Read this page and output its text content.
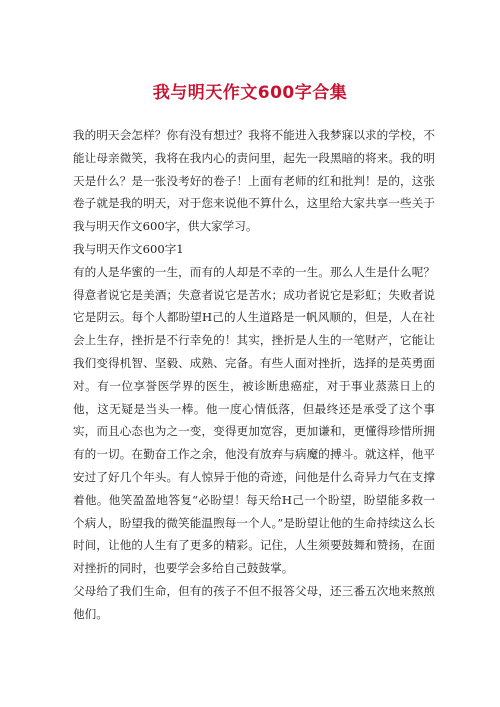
我与明天作文600字合集

我的明天会怎样？你有没有想过？我将不能进入我梦寐以求的学校，不能让母亲微笑，我将在我内心的责问里，起先一段黑暗的将来。我的明天是什么？是一张没考好的卷子！上面有老师的红和批判！是的，这张卷子就是我的明天，对于您来说他不算什么，这里给大家共享一些关于我与明天作文600字，供大家学习。

我与明天作文600字1

有的人是华蜜的一生，而有的人却是不幸的一生。那么人生是什么呢？得意者说它是美酒；失意者说它是苦水；成功者说它是彩虹；失败者说它是阴云。每个人都盼望H己的人生道路是一帆风顺的，但是，人在社会上生存，挫折是不行幸免的！其实，挫折是人生的一笔财产，它能让我们变得机智、坚毅、成熟、完备。有些人面对挫折，选择的是英勇面对。有一位享誉医学界的医生，被诊断患癌症，对于事业蒸蒸日上的他，这无疑是当头一棒。他一度心情低落，但最终还是承受了这个事实，而且心态也为之一变，变得更加宽容，更加谦和，更懂得珍惜所拥有的一切。在勤奋工作之余，他没有放弃与病魔的搏斗。就这样，他平安过了好几个年头。有人惊异于他的奇迹，问他是什么奇异力气在支撑着他。他笑盈盈地答复“必盼望！每天给H己一个盼望，盼望能多救一个病人，盼望我的微笑能温煦每一个人。”是盼望让他的生命持续这么长时间，让他的人生有了更多的精彩。记住，人生须要鼓舞和赞扬，在面对挫折的同时，也要学会多给自己鼓鼓掌。

父母给了我们生命，但有的孩子不但不报答父母，还三番五次地来熬煎他们。
